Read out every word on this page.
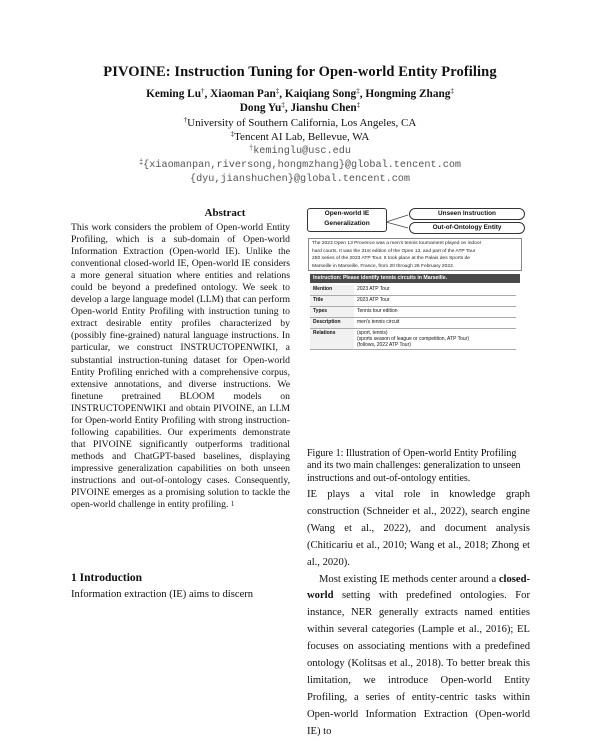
PIVOINE: Instruction Tuning for Open-world Entity Profiling
Keming Lu†, Xiaoman Pan‡, Kaiqiang Song‡, Hongming Zhang‡
Dong Yu‡, Jianshu Chen‡
†University of Southern California, Los Angeles, CA
‡Tencent AI Lab, Bellevue, WA
†keminglu@usc.edu
‡{xiaomanpan,riversong,hongmzhang}@global.tencent.com
{dyu,jianshuchen}@global.tencent.com
Abstract

This work considers the problem of Open-world Entity Profiling, which is a sub-domain of Open-world Information Extraction (Open-world IE). Unlike the conventional closed-world IE, Open-world IE considers a more general situation where entities and relations could be beyond a predefined ontology. We seek to develop a large language model (LLM) that can perform Open-world Entity Profiling with instruction tuning to extract desirable entity profiles characterized by (possibly fine-grained) natural language instructions. In particular, we construct INSTRUCTOPENWIKI, a substantial instruction-tuning dataset for Open-world Entity Profiling enriched with a comprehensive corpus, extensive annotations, and diverse instructions. We finetune pretrained BLOOM models on INSTRUCTOPENWIKI and obtain PIVOINE, an LLM for Open-world Entity Profiling with strong instruction-following capabilities. Our experiments demonstrate that PIVOINE significantly outperforms traditional methods and ChatGPT-based baselines, displaying impressive generalization capabilities on both unseen instructions and out-of-ontology cases. Consequently, PIVOINE emerges as a promising solution to tackle the open-world challenge in entity profiling. $^1$

1 Introduction
Information extraction (IE) aims to discern
Open-world IE
Generalization
Unseen Instruction
Out-of-Ontology Entity
The 2023 Open 13 Provence was a men's tennis tournament played on indoor
hard courts. It was the 31st edition of the Open 13, and part of the ATP Tour
250 series of the 2023 ATP Tour. It took place at the Palais des Sports de
Marseille in Marseille, France, from 20 through 26 February 2022.
Instruction: Please identify tennis circuits in Marseille.
Mention	2023 ATP Tour
Title	2023 ATP Tour
Types	Tennis tour edition
Description	men's tennis circuit
Relations	(sport, tennis)
(sports season of league or competition, ATP Tour)
(follows, 2022 ATP Tour)
Figure 1: Illustration of Open-world Entity Profiling and its two main challenges: generalization to unseen instructions and out-of-ontology entities.

IE plays a vital role in knowledge graph construction (Schneider et al., 2022), search engine (Wang et al., 2022), and document analysis (Chiticariu et al., 2010; Wang et al., 2018; Zhong et al., 2020).

Most existing IE methods center around a closed-world setting with predefined ontologies. For instance, NER generally extracts named entities within several categories (Lample et al., 2016); EL focuses on associating mentions with a predefined ontology (Kolitsas et al., 2018). To better break this limitation, we introduce Open-world Entity Profiling, a series of entity-centric tasks within Open-world Information Extraction (Open-world IE) to
